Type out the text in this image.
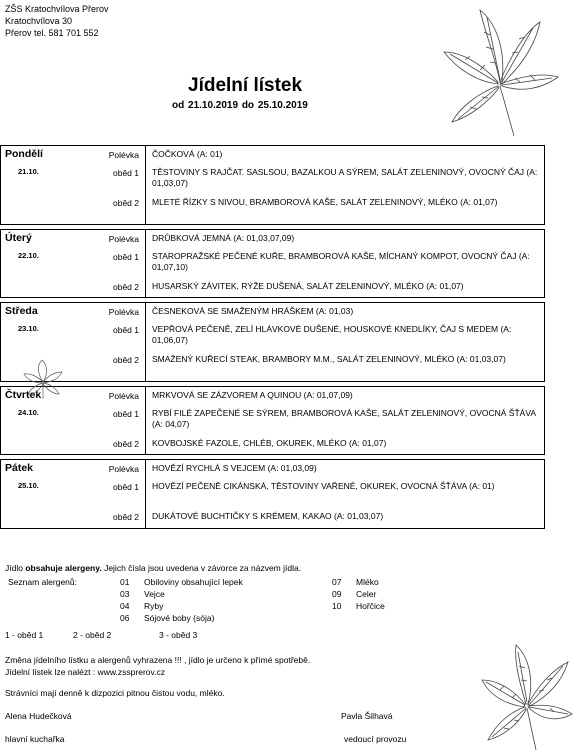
ZŠS Kratochvílova Přerov
Kratochvílova 30
Přerov tel. 581 701 552
Jídelní lístek
od 21.10.2019 do 25.10.2019
Pondělí	Polévka	ČOČKOVÁ (A: 01)
21.10.	oběd 1	TĚSTOVINY S RAJČAT. SASLSOU, BAZALKOU A SÝREM, SALÁT ZELENINOVÝ, OVOCNÝ ČAJ (A: 01,03,07)
oběd 2	MLETÉ ŘÍZKY S NIVOU, BRAMBOROVÁ KAŠE, SALÁT ZELENINOVÝ, MLÉKO (A: 01,07)
Úterý	Polévka	DRŮBKOVÁ JEMNÁ (A: 01,03,07,09)
22.10.	oběd 1	STAROPRAŽSKÉ PEČENÉ KUŘE, BRAMBOROVÁ KAŠE, MÍCHANÝ KOMPOT, OVOCNÝ ČAJ (A: 01,07,10)
oběd 2	HUSARSKÝ ZÁVITEK, RÝŽE DUŠENÁ, SALÁT ZELENINOVÝ, MLÉKO (A: 01,07)
Středa	Polévka	ČESNEKOVÁ SE SMAŽENÝM HRÁŠKEM (A: 01,03)
23.10.	oběd 1	VEPŘOVÁ PEČENĚ, ZELÍ HLÁVKOVÉ DUŠENÉ, HOUSKOVÉ KNEDLÍKY, ČAJ S MEDEM (A: 01,06,07)
oběd 2	SMAŽENÝ KUŘECÍ STEAK, BRAMBORY M.M., SALÁT ZELENINOVÝ, MLÉKO (A: 01,03,07)
Čtvrtek	Polévka	MRKVOVÁ SE ZÁZVOREM A QUINOU (A: 01,07,09)
24.10.	oběd 1	RYBÍ FILÉ ZAPEČENÉ SE SÝREM, BRAMBOROVÁ KAŠE, SALÁT ZELENINOVÝ, OVOCNÁ ŠŤÁVA (A: 04,07)
oběd 2	KOVBOJSKÉ FAZOLE, CHLÉB, OKUREK, MLÉKO (A: 01,07)
Pátek	Polévka	HOVĚZÍ RYCHLÁ S VEJCEM (A: 01,03,09)
25.10.	oběd 1	HOVĚZÍ PEČENĚ CIKÁNSKÁ, TĚSTOVINY VAŘENÉ, OKUREK, OVOCNÁ ŠŤÁVA (A: 01)
oběd 2	DUKÁTOVÉ BUCHTIČKY S KRÉMEM, KAKAO (A: 01,03,07)
Jídlo obsahuje alergeny. Jejich čísla jsou uvedena v závorce za názvem jídla.
Seznam alergenů:	01 Obiloviny obsahující lepek
03 Vejce
04 Ryby
06 Sójové boby (sója)
07 Mléko
09 Celer
10 Hořčice
1 - oběd 1	2 - oběd 2	3 - oběd 3
Změna jídelního lístku a alergenů vyhrazena !!! , jídlo je určeno k přímé spotřebě.
Jídelní lístek lze nalézt : www.zssprerov.cz
Strávníci mají denně k dizpozici pitnou čistou vodu, mléko.
Alena Hudečková
hlavní kuchařka
Pavla Šilhavá
vedoucí provozu
